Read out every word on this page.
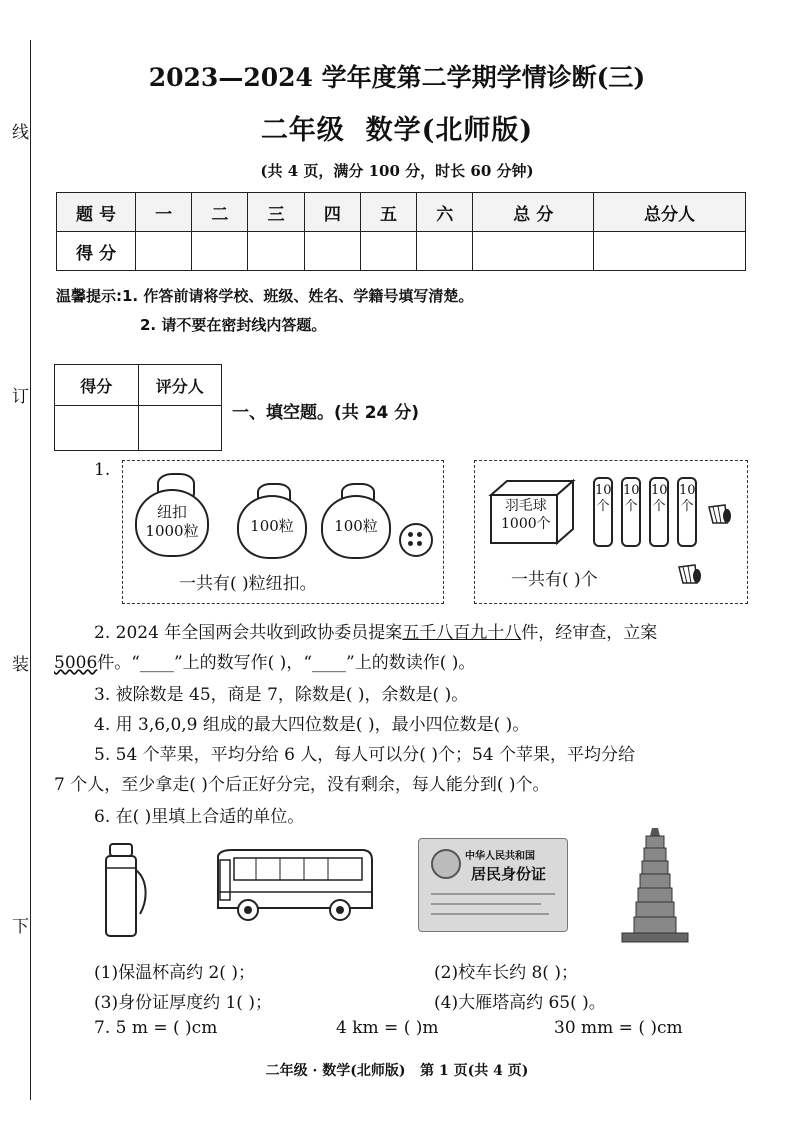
线
订
装
下
2023—2024 学年度第二学期学情诊断(三)
二年级  数学(北师版)
(共 4 页，满分 100 分，时长 60 分钟)
题 号	一	二	三	四	五	六	总 分	总分人
得 分								
温馨提示:1. 作答前请将学校、班级、姓名、学籍号填写清楚。
2. 请不要在密封线内答题。
得分	评分人

一、填空题。(共 24 分)
1.
纽扣
1000粒	100粒	100粒
一共有( )粒纽扣。
羽毛球
1000个
10
个
10
个
10
个
10
个
一共有( )个
2. 2024 年全国两会共收到政协委员提案五千八百九十八件，经审查，立案
5006件。“____”上的数写作( )，“____”上的数读作( )。
3. 被除数是 45，商是 7，除数是( )，余数是( )。
4. 用 3,6,0,9 组成的最大四位数是( )，最小四位数是( )。
5. 54 个苹果，平均分给 6 人，每人可以分( )个；54 个苹果，平均分给
7 个人，至少拿走( )个后正好分完，没有剩余，每人能分到( )个。
6. 在( )里填上合适的单位。
中华人民共和国
居民身份证
(1)保温杯高约 2( )；	(2)校车长约 8( )；
(3)身份证厚度约 1( )；	(4)大雁塔高约 65( )。
7. 5 m = ( )cm	4 km = ( )m	30 mm = ( )cm
二年级 · 数学(北师版)   第 1 页(共 4 页)
